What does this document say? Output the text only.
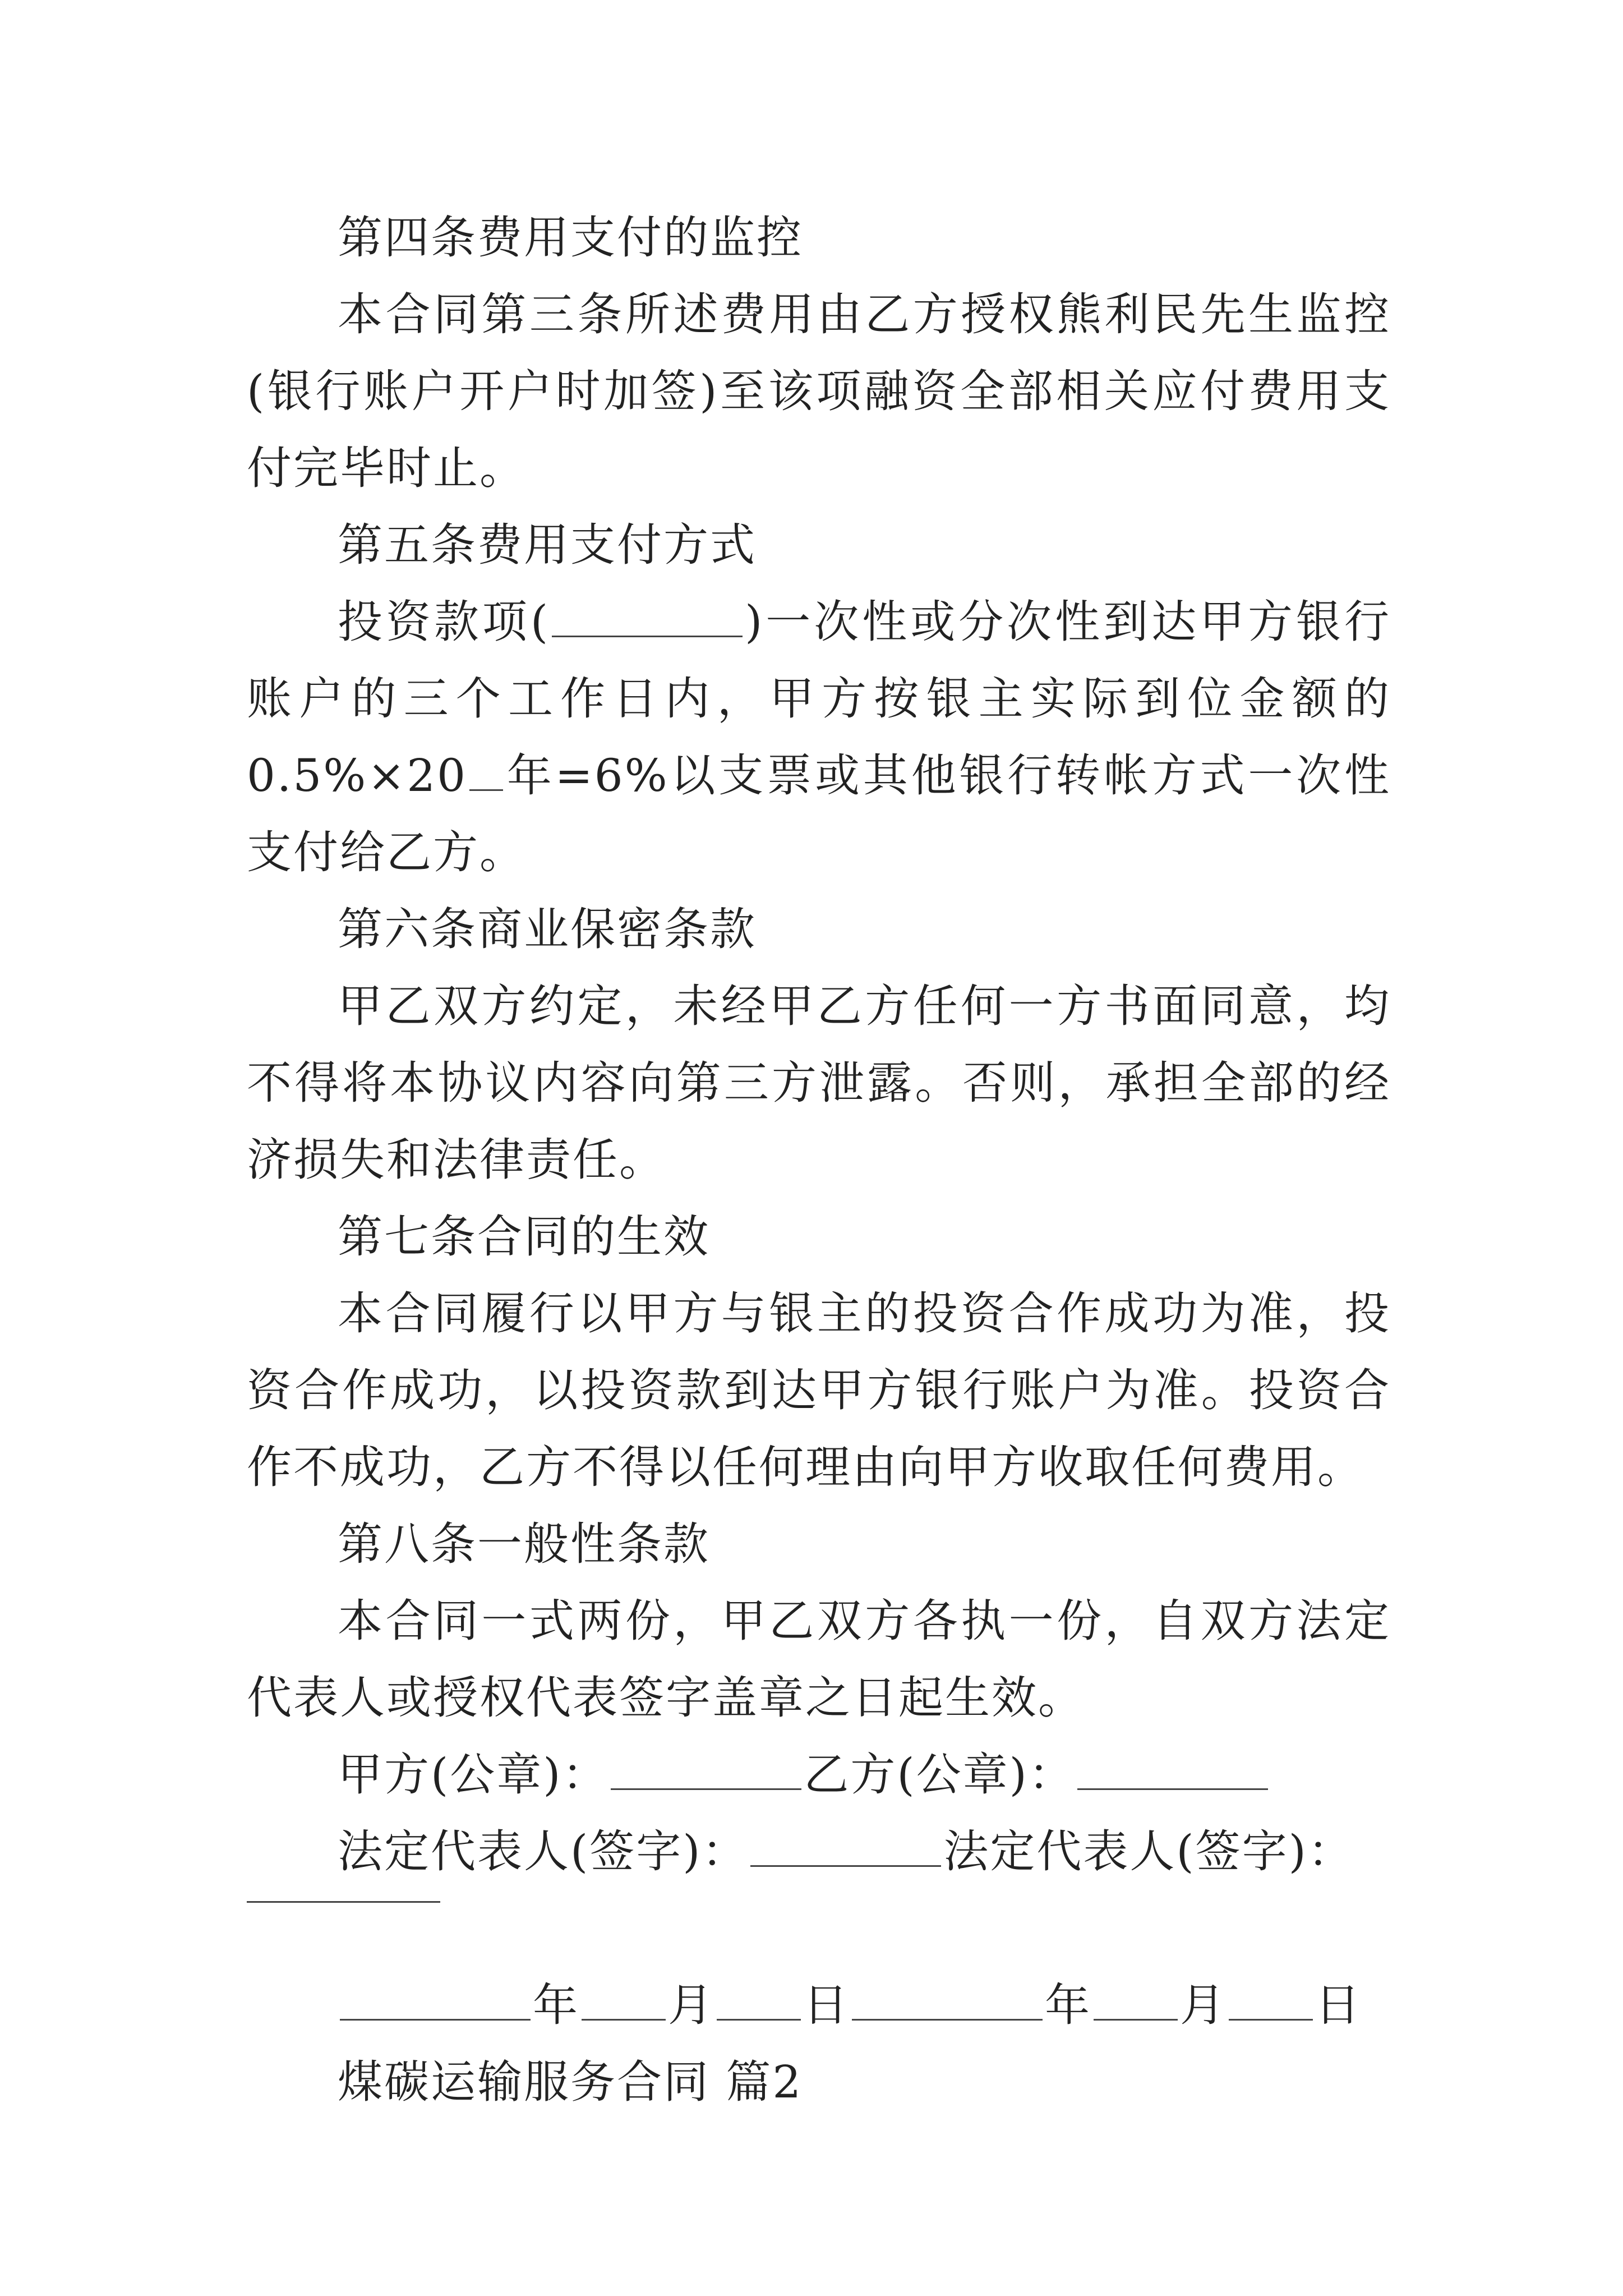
第四条费用支付的监控

本合同第三条所述费用由乙方授权熊利民先生监控(银行账户开户时加签)至该项融资全部相关应付费用支付完毕时止。

第五条费用支付方式

投资款项(	)一次性或分次性到达甲方银行账户的三个工作日内，甲方按银主实际到位金额的0.5%×20 年=6%以支票或其他银行转帐方式一次性支付给乙方。

第六条商业保密条款

甲乙双方约定，未经甲乙方任何一方书面同意，均不得将本协议内容向第三方泄露。否则，承担全部的经济损失和法律责任。

第七条合同的生效

本合同履行以甲方与银主的投资合作成功为准，投资合作成功，以投资款到达甲方银行账户为准。投资合作不成功，乙方不得以任何理由向甲方收取任何费用。

第八条一般性条款

本合同一式两份，甲乙双方各执一份，自双方法定代表人或授权代表签字盖章之日起生效。

甲方(公章)：	乙方(公章)：

法定代表人(签字)：	法定代表人(签字)：

年 月 日	年 月 日

煤碳运输服务合同 篇2
